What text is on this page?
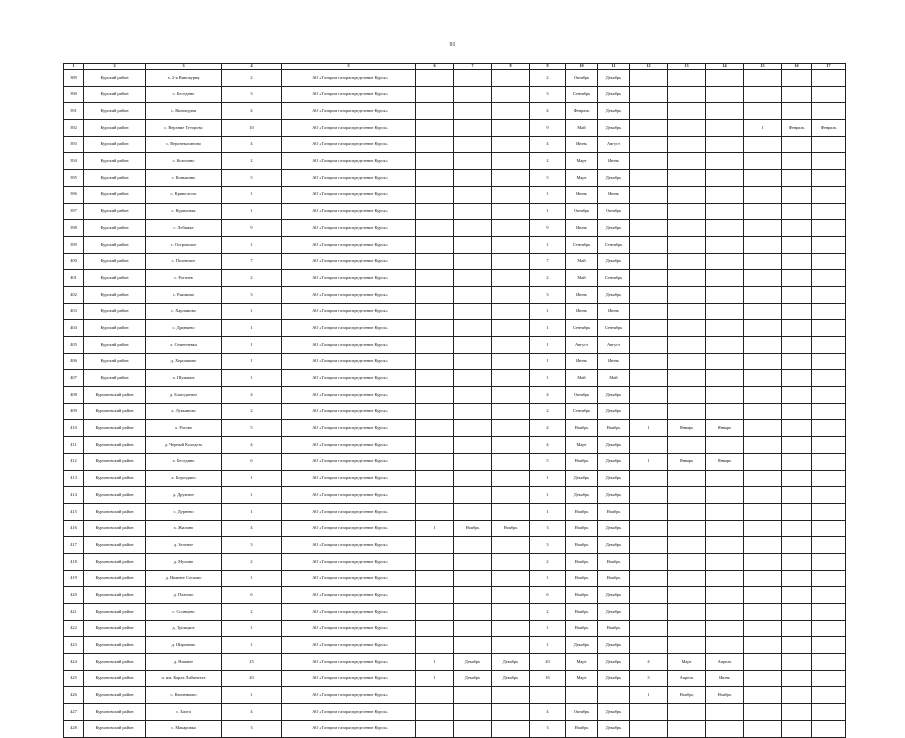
91
1	2	3	4	5	6	7	8	9	10	11	12	13	14	15	16	17
389	Курский район	х. 2-я Винокурня	2	АО «Газпром газораспределение Курск»				2	Октябрь	Декабрь						
390	Курский район	с. Бесединo	3	АО «Газпром газораспределение Курск»				3	Сентябрь	Декабрь						
391	Курский район	с. Винокурня	4	АО «Газпром газораспределение Курск»				4	Февраль	Декабрь						
392	Курский район	с. Верхние Гуторово	10	АО «Газпром газораспределение Курск»				9	Май	Декабрь				1	Февраль	Февраль
393	Курский район	с. Верхнекасиново	4	АО «Газпром газораспределение Курск»				4	Июнь	Август						
394	Курский район	с. Козелино	2	АО «Газпром газораспределение Курск»				2	Март	Июнь						
395	Курский район	с. Коньшино	5	АО «Газпром газораспределение Курск»				5	Март	Декабрь						
396	Курский район	с. Криволесье	1	АО «Газпром газораспределение Курск»				1	Июнь	Июнь						
397	Курский район	с. Куриловка	1	АО «Газпром газораспределение Курск»				1	Октябрь	Октябрь						
398	Курский район	с. Лебяжье	9	АО «Газпром газораспределение Курск»				9	Июнь	Декабрь						
399	Курский район	с. Островское	1	АО «Газпром газораспределение Курск»				1	Сентябрь	Сентябрь						
400	Курский район	с. Полевское	7	АО «Газпром газораспределение Курск»				7	Май	Декабрь						
401	Курский район	с. Рогачев	2	АО «Газпром газораспределение Курск»				2	Май	Сентябрь						
402	Курский район	с. Рышково	3	АО «Газпром газораспределение Курск»				3	Июнь	Декабрь						
403	Курский район	с. Харламово	1	АО «Газпром газораспределение Курск»				1	Июнь	Июнь						
404	Курский район	с. Дроняево	1	АО «Газпром газораспределение Курск»				1	Сентябрь	Сентябрь						
405	Курский район	х. Семенчевка	1	АО «Газпром газораспределение Курск»				1	Август	Август						
406	Курский район	д. Хорошково	1	АО «Газпром газораспределение Курск»				1	Июнь	Июнь						
407	Курский район	х. Шумаков	1	АО «Газпром газораспределение Курск»				1	Май	Май						
408	Курчатовский район	д. Благодатное	4	АО «Газпром газораспределение Курск»				4	Октябрь	Декабрь						
409	Курчатовский район	х. Лукьяново	2	АО «Газпром газораспределение Курск»				2	Сентябрь	Декабрь						
410	Курчатовский район	х. Рогово	5	АО «Газпром газораспределение Курск»				4	Ноябрь	Ноябрь	1	Январь	Январь			
411	Курчатовский район	д. Черный Колодезь	4	АО «Газпром газораспределение Курск»				4	Март	Декабрь						
412	Курчатовский район	х. Бесединo	6	АО «Газпром газораспределение Курск»				5	Ноябрь	Декабрь	1	Январь	Январь			
413	Курчатовский район	х. Бороздино	1	АО «Газпром газораспределение Курск»				1	Декабрь	Декабрь						
414	Курчатовский район	д. Дружное	1	АО «Газпром газораспределение Курск»				1	Декабрь	Декабрь						
415	Курчатовский район	с. Дурнево	1	АО «Газпром газораспределение Курск»				1	Ноябрь	Ноябрь						
416	Курчатовский район	х. Жилино	4	АО «Газпром газораспределение Курск»	1	Ноябрь	Ноябрь	3	Ноябрь	Декабрь						
417	Курчатовский район	д. Зеленое	3	АО «Газпром газораспределение Курск»				3	Ноябрь	Декабрь						
418	Курчатовский район	д. Мухино	2	АО «Газпром газораспределение Курск»				2	Ноябрь	Ноябрь						
419	Курчатовский район	д. Нижнее Сосково	1	АО «Газпром газораспределение Курск»				1	Ноябрь	Ноябрь						
420	Курчатовский район	д. Платово	6	АО «Газпром газораспределение Курск»				6	Ноябрь	Декабрь						
421	Курчатовский район	с. Солнцево	2	АО «Газпром газораспределение Курск»				2	Ноябрь	Декабрь						
422	Курчатовский район	д. Троицкое	1	АО «Газпром газораспределение Курск»				1	Ноябрь	Ноябрь						
423	Курчатовский район	д. Шараново	1	АО «Газпром газораспределение Курск»				1	Декабрь	Декабрь						
424	Курчатовский район	д. Нижнее	25	АО «Газпром газораспределение Курск»	1	Декабрь	Декабрь	20	Март	Декабрь	4	Март	Апрель			
425	Курчатовский район	п. им. Карла Либкнехта	20	АО «Газпром газораспределение Курск»	1	Декабрь	Декабрь	16	Март	Декабрь	3	Апрель	Июнь			
426	Курчатовский район	с. Квоченково	1	АО «Газпром газораспределение Курск»							1	Ноябрь	Ноябрь			
427	Курчатовский район	с. Бахта	4	АО «Газпром газораспределение Курск»				4	Октябрь	Декабрь						
428	Курчатовский район	с. Макаровка	3	АО «Газпром газораспределение Курск»				3	Ноябрь	Декабрь						
